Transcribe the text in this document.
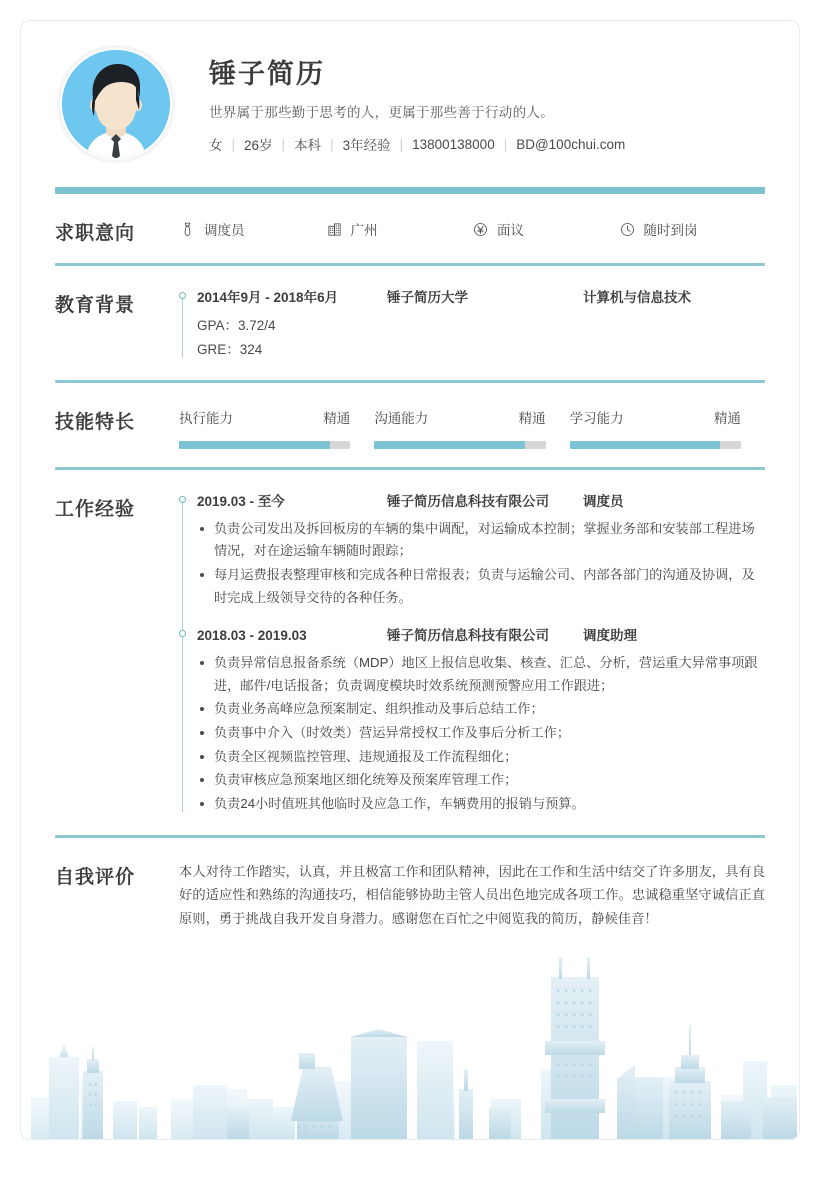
锤子简历
世界属于那些勤于思考的人，更属于那些善于行动的人。
女 | 26岁 | 本科 | 3年经验 | 13800138000 | BD@100chui.com
求职意向	调度员	广州	面议	随时到岗
教育背景	2014年9月 - 2018年6月	锤子简历大学	计算机与信息技术
GPA：3.72/4
GRE：324
技能特长	执行能力	精通 沟通能力	精通 学习能力	精通
工作经验	2019.03 - 至今	锤子简历信息科技有限公司	调度员
负责公司发出及拆回板房的车辆的集中调配，对运输成本控制；掌握业务部和安装部工程进场情况，对在途运输车辆随时跟踪；
每月运费报表整理审核和完成各种日常报表；负责与运输公司、内部各部门的沟通及协调，及时完成上级领导交待的各种任务。
2018.03 - 2019.03	锤子简历信息科技有限公司	调度助理
负责异常信息报备系统（MDP）地区上报信息收集、核查、汇总、分析，营运重大异常事项跟进，邮件/电话报备；负责调度模块时效系统预测预警应用工作跟进；
负责业务高峰应急预案制定、组织推动及事后总结工作；
负责事中介入（时效类）营运异常授权工作及事后分析工作；
负责全区视频监控管理、违规通报及工作流程细化；
负责审核应急预案地区细化统筹及预案库管理工作；
负责24小时值班其他临时及应急工作，车辆费用的报销与预算。
自我评价	本人对待工作踏实，认真，并且极富工作和团队精神，因此在工作和生活中结交了许多朋友，具有良好的适应性和熟练的沟通技巧，相信能够协助主管人员出色地完成各项工作。忠诚稳重坚守诚信正直原则，勇于挑战自我开发自身潜力。感谢您在百忙之中阅览我的简历，静候佳音！
